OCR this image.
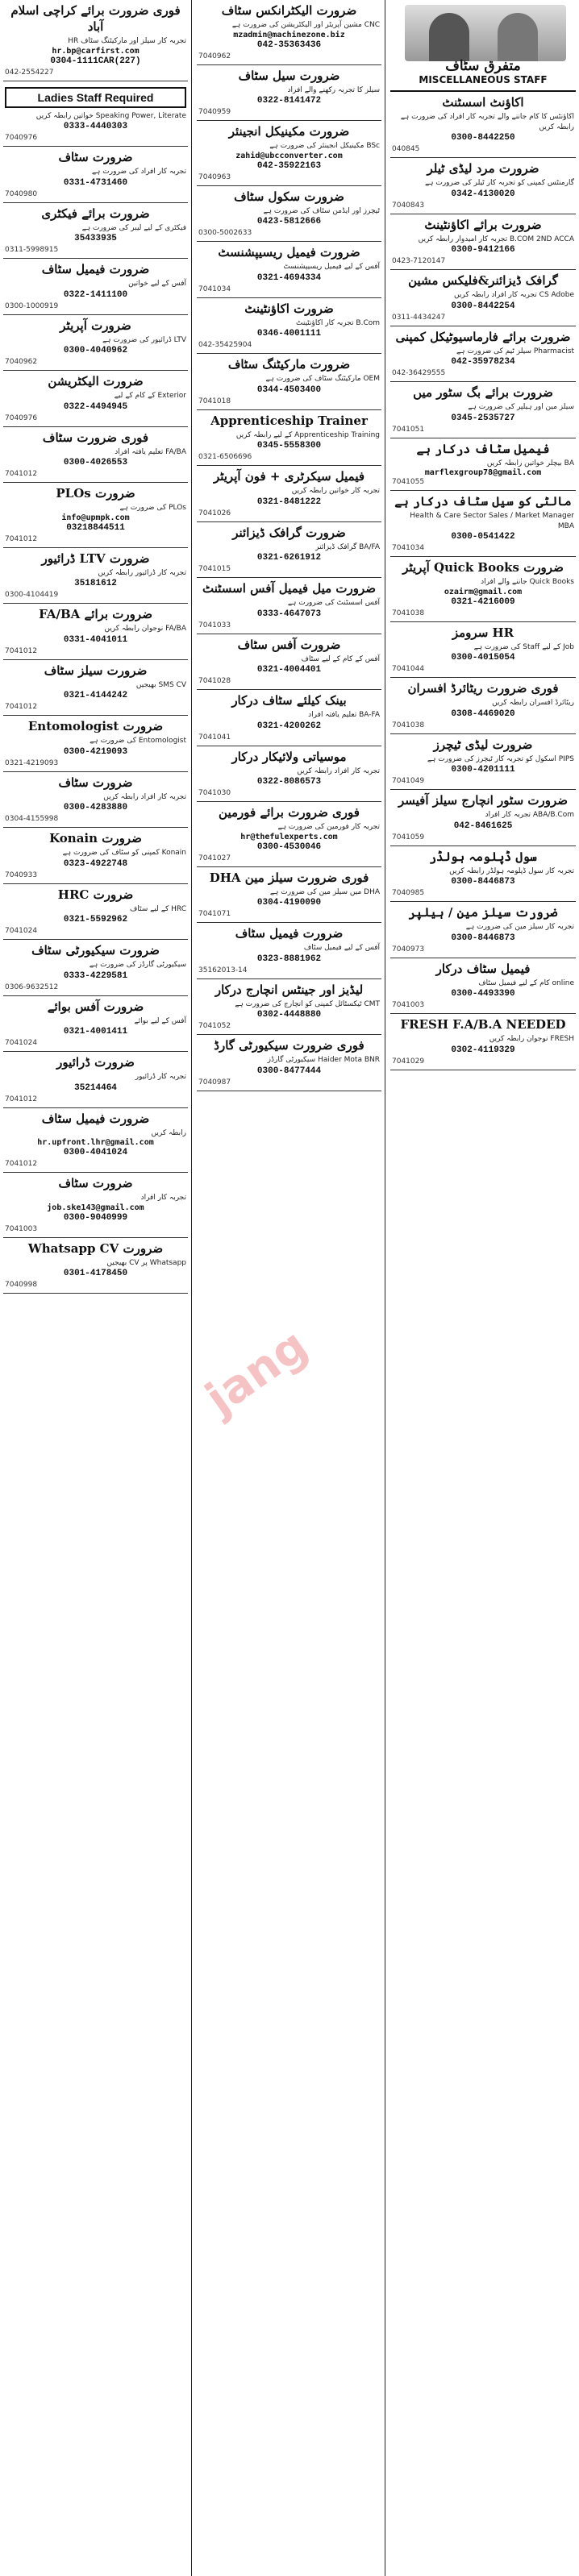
فوری ضرورت برائے کراچی اسلام آباد
تجربہ کار سیلز اور مارکیٹنگ سٹاف HR
hr.bp@carfirst.com
0304-1111CAR(227)
042-2554227
Ladies Staff Required
Speaking Power, Literate خواتین رابطہ کریں
0333-4440303
7040976
ضرورت سٹاف
تجربہ کار افراد کی ضرورت ہے
0331-4731460
7040980
ضرورت برائے فیکٹری
فیکٹری کے لیے لیبر کی ضرورت ہے
35433935
0311-5998915
ضرورت فیمیل سٹاف
آفس کے لیے خواتین
0322-1411100
0300-1000919
ضرورت آپریٹر
LTV ڈرائیور کی ضرورت ہے
0300-4040962
7040962
ضرورت الیکٹریشن
Exterior کے کام کے لیے
0322-4494945
7040976
فوری ضرورت سٹاف
FA/BA تعلیم یافتہ افراد
0300-4026553
7041012
ضرورت PLOs
PLOs کی ضرورت ہے
info@upmpk.com
03218844511
7041012
ضرورت LTV ڈرائیور
تجربہ کار ڈرائیور رابطہ کریں
35181612
0300-4104419
ضرورت برائے FA/BA
FA/BA نوجوان رابطہ کریں
0331-4041011
7041012
ضرورت سیلز سٹاف
SMS CV بھیجیں
0321-4144242
7041012
ضرورت Entomologist
Entomologist کی ضرورت ہے
0300-4219093
0321-4219093
ضرورت سٹاف
تجربہ کار افراد رابطہ کریں
0300-4283880
0304-4155998
ضرورت Konain
Konain کمپنی کو سٹاف کی ضرورت ہے
0323-4922748
7040933
ضرورت HRC
HRC کے لیے سٹاف
0321-5592962
7041024
ضرورت سیکیورٹی سٹاف
سیکیورٹی گارڈز کی ضرورت ہے
0333-4229581
0306-9632512
ضرورت آفس بوائے
آفس کے لیے بوائے
0321-4001411
7041024
ضرورت ڈرائیور
تجربہ کار ڈرائیور
35214464
7041012
ضرورت فیمیل سٹاف
رابطہ کریں
hr.upfront.lhr@gmail.com
0300-4041024
7041012
ضرورت سٹاف
تجربہ کار افراد
job.ske143@gmail.com
0300-9040999
7041003
ضرورت Whatsapp CV
Whatsapp پر CV بھیجیں
0301-4178450
7040998
ضرورت الیکٹرانکس سٹاف
CNC مشین آپریٹر اور الیکٹریشن کی ضرورت ہے
mzadmin@machinezone.biz
042-35363436
7040962
ضرورت سیل سٹاف
سیلز کا تجربہ رکھنے والے افراد
0322-8141472
7040959
ضرورت مکینیکل انجینئر
BSc مکینیکل انجینئر کی ضرورت ہے
zahid@ubcconverter.com
042-35922163
7040963
ضرورت سکول سٹاف
ٹیچرز اور ایڈمن سٹاف کی ضرورت ہے
0423-5812666
0300-5002633
ضرورت فیمیل ریسیپشنسٹ
آفس کے لیے فیمیل ریسیپشنسٹ
0321-4694334
7041034
ضرورت اکاؤنٹینٹ
B.Com تجربہ کار اکاؤنٹینٹ
0346-4001111
042-35425904
ضرورت مارکیٹنگ سٹاف
OEM مارکیٹنگ سٹاف کی ضرورت ہے
0344-4503400
7041018
Apprenticeship Trainer
Apprenticeship Training کے لیے رابطہ کریں
0345-5558300
0321-6506696
فیمیل سیکرٹری + فون آپریٹر
تجربہ کار خواتین رابطہ کریں
0321-8481222
7041026
ضرورت گرافک ڈیزائنر
BA/FA گرافک ڈیزائنر
0321-6261912
7041015
ضرورت میل فیمیل آفس اسسٹنٹ
آفس اسسٹنٹ کی ضرورت ہے
0333-4647073
7041033
ضرورت آفس سٹاف
آفس کے کام کے لیے سٹاف
0321-4004401
7041028
بینک کیلئے سٹاف درکار
BA-FA تعلیم یافتہ افراد
0321-4200262
7041041
موسیاتی ولائیکار درکار
تجربہ کار افراد رابطہ کریں
0322-8086573
7041030
فوری ضرورت برائے فورمین
تجربہ کار فورمین کی ضرورت ہے
hr@thefulexperts.com
0300-4530046
7041027
فوری ضرورت سیلز مین DHA
DHA میں سیلز مین کی ضرورت ہے
0304-4190090
7041071
ضرورت فیمیل سٹاف
آفس کے لیے فیمیل سٹاف
0323-8881962
35162013-14
لیڈیز اور جینٹس انچارج درکار
CMT ٹیکسٹائل کمپنی کو انچارج کی ضرورت ہے
0302-4448880
7041052
فوری ضرورت سیکیورٹی گارڈ
Haider Mota BNR سیکیورٹی گارڈز
0300-8477444
7040987
متفرق سٹاف
MISCELLANEOUS STAFF
اکاؤنٹ اسسٹنٹ
اکاؤنٹس کا کام جاننے والے تجربہ کار افراد کی ضرورت ہے رابطہ کریں
0300-8442250
040845
ضرورت مرد لیڈی ٹیلر
گارمنٹس کمپنی کو تجربہ کار ٹیلر کی ضرورت ہے
0342-4130020
7040843
ضرورت برائے اکاؤنٹینٹ
B.COM 2ND ACCA تجربہ کار امیدوار رابطہ کریں
0300-9412166
0423-7120147
گرافک ڈیزائنر&فلیکس مشین
CS Adobe تجربہ کار افراد رابطہ کریں
0300-8442254
0311-4434247
ضرورت برائے فارماسیوٹیکل کمپنی
Pharmacist سیلز ٹیم کی ضرورت ہے
042-35978234
042-36429555
ضرورت برائے بگ سٹور میں
سیلز مین اور ہیلپر کی ضرورت ہے
0345-2535727
7041051
فیمیل سٹاف درکار ہے
BA بیچلر خواتین رابطہ کریں
marflexgroup78@gmail.com
7041055
مالٹی کو سیل سٹاف درکار ہے
Health & Care Sector Sales / Market Manager MBA
0300-0541422
7041034
ضرورت Quick Books آپریٹر
Quick Books جاننے والے افراد
ozairm@gmail.com
0321-4216009
7041038
HR سرومز
Job کے لیے Staff کی ضرورت ہے
0300-4015054
7041044
فوری ضرورت ریٹائرڈ افسران
ریٹائرڈ افسران رابطہ کریں
0308-4469020
7041038
ضرورت لیڈی ٹیچرز
PIPS اسکول کو تجربہ کار ٹیچرز کی ضرورت ہے
0300-4201111
7041049
ضرورت سٹور انچارج سیلز آفیسر
ABA/B.Com تجربہ کار افراد
042-8461625
7041059
سول ڈپلومہ ہولڈر
تجربہ کار سول ڈپلومہ ہولڈر رابطہ کریں
0300-8446873
7040985
ضرورت سیلز مین / ہیلپر
تجربہ کار سیلز مین کی ضرورت ہے
0300-8446873
7040973
فیمیل سٹاف درکار
online کام کے لیے فیمیل سٹاف
0300-4493390
7041003
FRESH F.A/B.A NEEDED
FRESH نوجوان رابطہ کریں
0302-4119329
7041029
jang
